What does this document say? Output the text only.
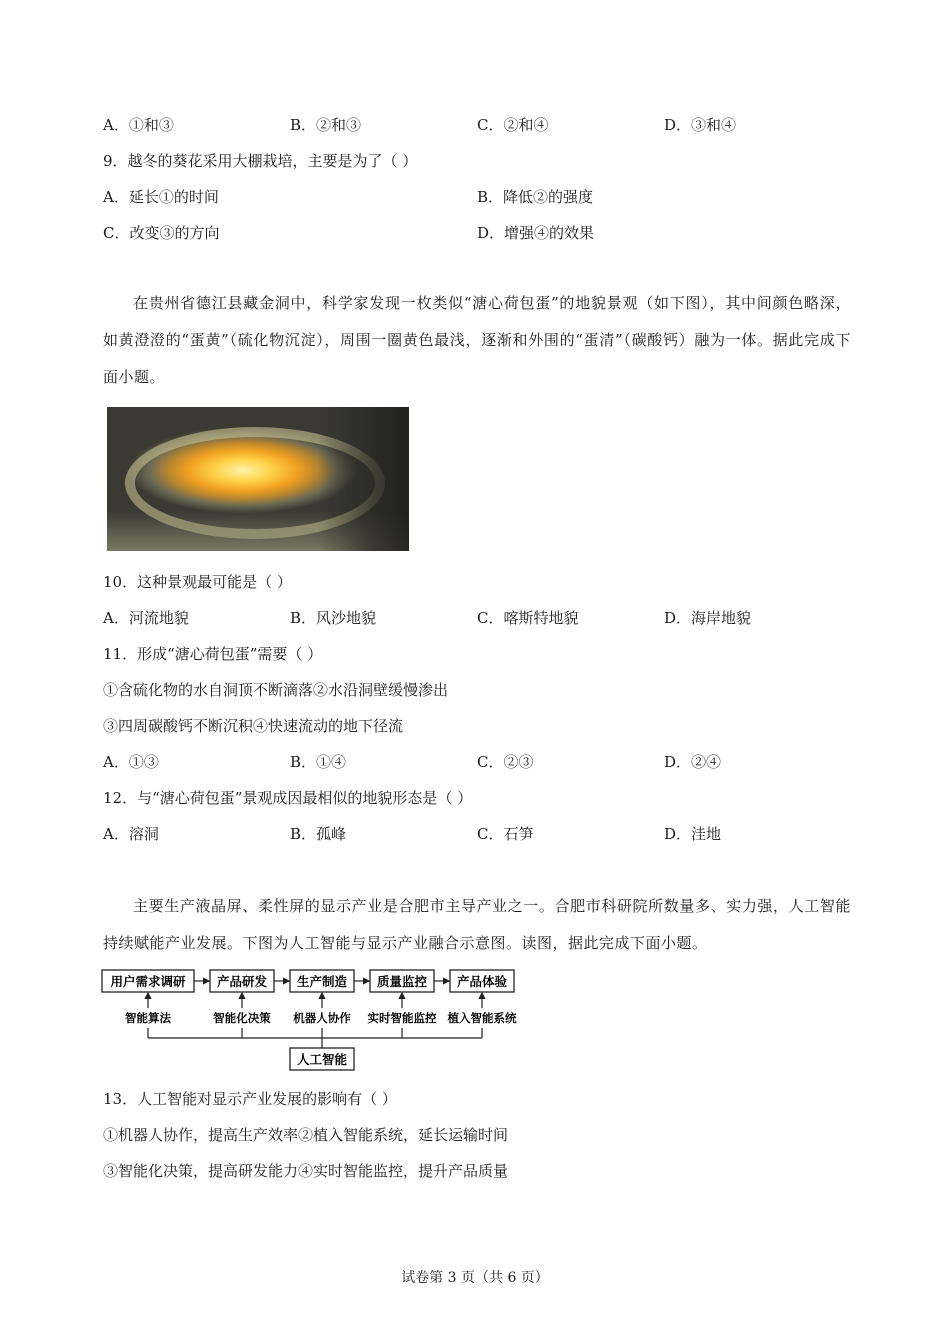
A．①和③	B．②和③	C．②和④	D．③和④
9．越冬的葵花采用大棚栽培，主要是为了（ ）
A．延长①的时间	B．降低②的强度
C．改变③的方向	D．增强④的效果
在贵州省德江县藏金洞中，科学家发现一枚类似“溏心荷包蛋”的地貌景观（如下图），其中间颜色略深，如黄澄澄的“蛋黄”（硫化物沉淀），周围一圈黄色最浅，逐渐和外围的“蛋清”（碳酸钙）融为一体。据此完成下面小题。
10．这种景观最可能是（ ）
A．河流地貌	B．风沙地貌	C．喀斯特地貌	D．海岸地貌
11．形成“溏心荷包蛋”需要（ ）
①含硫化物的水自洞顶不断滴落②水沿洞壁缓慢渗出
③四周碳酸钙不断沉积④快速流动的地下径流
A．①③	B．①④	C．②③	D．②④
12．与“溏心荷包蛋”景观成因最相似的地貌形态是（ ）
A．溶洞	B．孤峰	C．石笋	D．洼地
主要生产液晶屏、柔性屏的显示产业是合肥市主导产业之一。合肥市科研院所数量多、实力强，人工智能持续赋能产业发展。下图为人工智能与显示产业融合示意图。读图，据此完成下面小题。
用户需求调研	产品研发 生产制造 质量监控 产品体验
智能算法	智能化决策 机器人协作 实时智能监控 植入智能系统
人工智能
13．人工智能对显示产业发展的影响有（ ）
①机器人协作，提高生产效率②植入智能系统，延长运输时间
③智能化决策，提高研发能力④实时智能监控，提升产品质量
试卷第 3 页（共 6 页）
